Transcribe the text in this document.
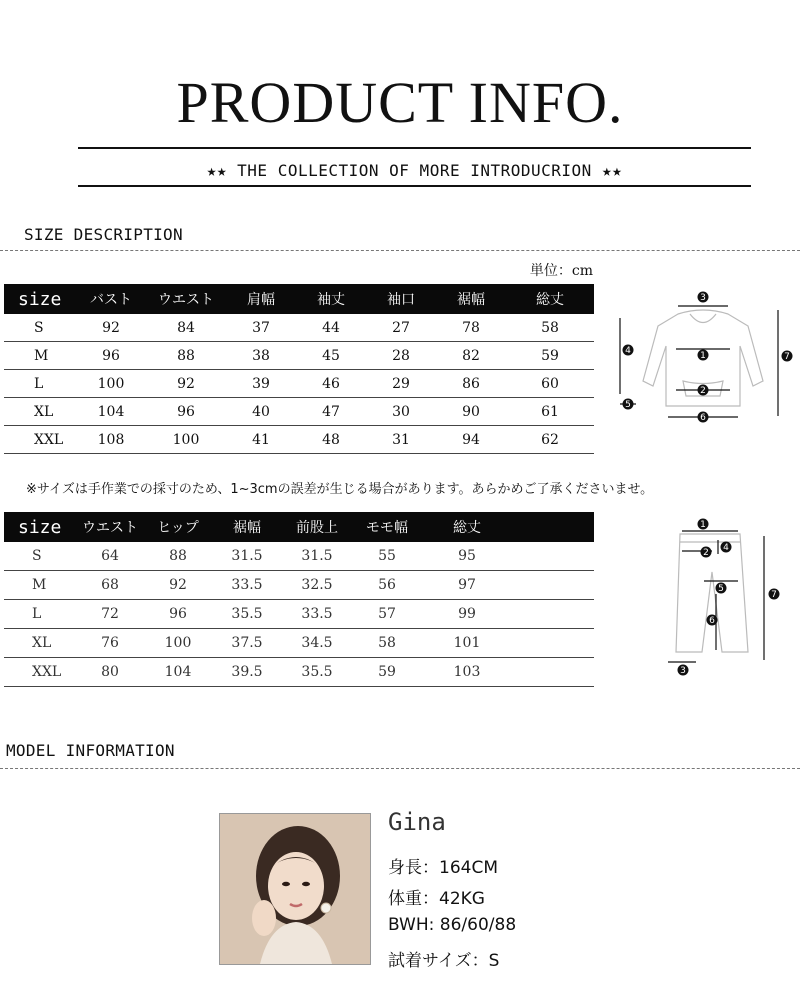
PRODUCT INFO.
★★ THE COLLECTION OF MORE INTRODUCRION ★★
SIZE DESCRIPTION
単位：cm
size	バスト	ウエスト	肩幅	袖丈	袖口	裾幅	総丈
S	92	84	37	44	27	78	58
M	96	88	38	45	28	82	59
L	100	92	39	46	29	86	60
XL	104	96	40	47	30	90	61
XXL	108	100	41	48	31	94	62
※サイズは手作業での採寸のため、1~3cmの誤差が生じる場合があります。あらかめご了承くださいませ。
size	ウエスト	ヒップ	裾幅	前股上	モモ幅	総丈	
S	64	88	31.5	31.5	55	95	
M	68	92	33.5	32.5	56	97	
L	72	96	35.5	33.5	57	99	
XL	76	100	37.5	34.5	58	101	
XXL	80	104	39.5	35.5	59	103	
3
1
2
6
4
5
7
1
2
3
4
5
6
7
MODEL INFORMATION
Gina
身長：164CM
体重：42KG
BWH: 86/60/88
試着サイズ：S
